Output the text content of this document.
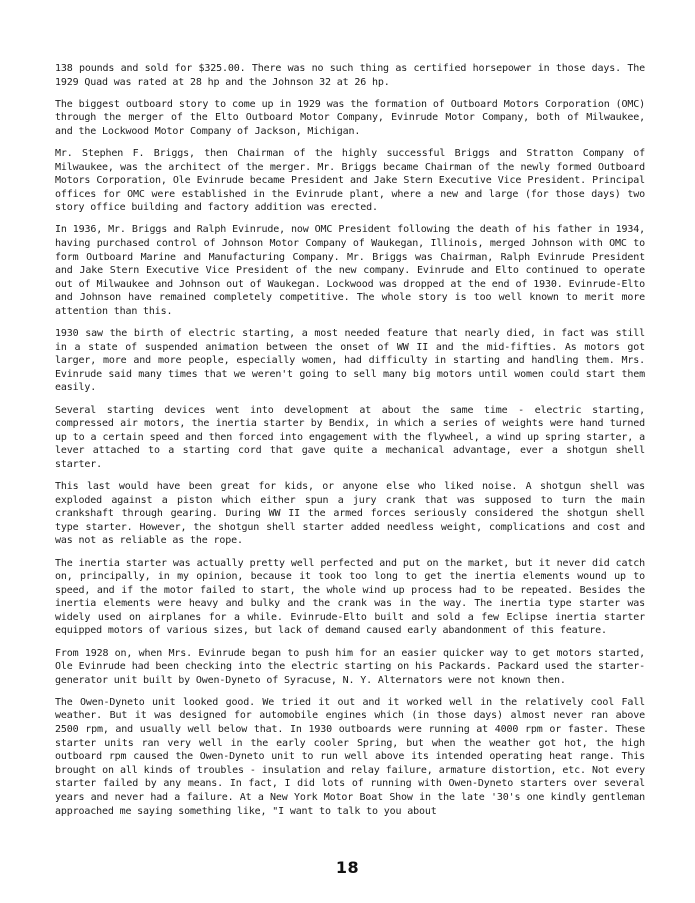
138 pounds and sold for $325.00. There was no such thing as certified horsepower in those days. The 1929 Quad was rated at 28 hp and the Johnson 32 at 26 hp.

The biggest outboard story to come up in 1929 was the formation of Outboard Motors Corporation (OMC) through the merger of the Elto Outboard Motor Company, Evinrude Motor Company, both of Milwaukee, and the Lockwood Motor Company of Jackson, Michigan.

Mr. Stephen F. Briggs, then Chairman of the highly successful Briggs and Stratton Company of Milwaukee, was the architect of the merger. Mr. Briggs became Chairman of the newly formed Outboard Motors Corporation, Ole Evinrude became President and Jake Stern Executive Vice President. Principal offices for OMC were established in the Evinrude plant, where a new and large (for those days) two story office building and factory addition was erected.

In 1936, Mr. Briggs and Ralph Evinrude, now OMC President following the death of his father in 1934, having purchased control of Johnson Motor Company of Waukegan, Illinois, merged Johnson with OMC to form Outboard Marine and Manufacturing Company. Mr. Briggs was Chairman, Ralph Evinrude President and Jake Stern Executive Vice President of the new company. Evinrude and Elto continued to operate out of Milwaukee and Johnson out of Waukegan. Lockwood was dropped at the end of 1930. Evinrude-Elto and Johnson have remained completely competitive. The whole story is too well known to merit more attention than this.

1930 saw the birth of electric starting, a most needed feature that nearly died, in fact was still in a state of suspended animation between the onset of WW II and the mid-fifties. As motors got larger, more and more people, especially women, had difficulty in starting and handling them. Mrs. Evinrude said many times that we weren't going to sell many big motors until women could start them easily.

Several starting devices went into development at about the same time - electric starting, compressed air motors, the inertia starter by Bendix, in which a series of weights were hand turned up to a certain speed and then forced into engagement with the flywheel, a wind up spring starter, a lever attached to a starting cord that gave quite a mechanical advantage, ever a shotgun shell starter.

This last would have been great for kids, or anyone else who liked noise. A shotgun shell was exploded against a piston which either spun a jury crank that was supposed to turn the main crankshaft through gearing. During WW II the armed forces seriously considered the shotgun shell type starter. However, the shotgun shell starter added needless weight, complications and cost and was not as reliable as the rope.

The inertia starter was actually pretty well perfected and put on the market, but it never did catch on, principally, in my opinion, because it took too long to get the inertia elements wound up to speed, and if the motor failed to start, the whole wind up process had to be repeated. Besides the inertia elements were heavy and bulky and the crank was in the way. The inertia type starter was widely used on airplanes for a while. Evinrude-Elto built and sold a few Eclipse inertia starter equipped motors of various sizes, but lack of demand caused early abandonment of this feature.

From 1928 on, when Mrs. Evinrude began to push him for an easier quicker way to get motors started, Ole Evinrude had been checking into the electric starting on his Packards. Packard used the starter-generator unit built by Owen-Dyneto of Syracuse, N. Y. Alternators were not known then.

The Owen-Dyneto unit looked good. We tried it out and it worked well in the relatively cool Fall weather. But it was designed for automobile engines which (in those days) almost never ran above 2500 rpm, and usually well below that. In 1930 outboards were running at 4000 rpm or faster. These starter units ran very well in the early cooler Spring, but when the weather got hot, the high outboard rpm caused the Owen-Dyneto unit to run well above its intended operating heat range. This brought on all kinds of troubles - insulation and relay failure, armature distortion, etc. Not every starter failed by any means. In fact, I did lots of running with Owen-Dyneto starters over several years and never had a failure. At a New York Motor Boat Show in the late '30's one kindly gentleman approached me saying something like, "I want to talk to you about

18
